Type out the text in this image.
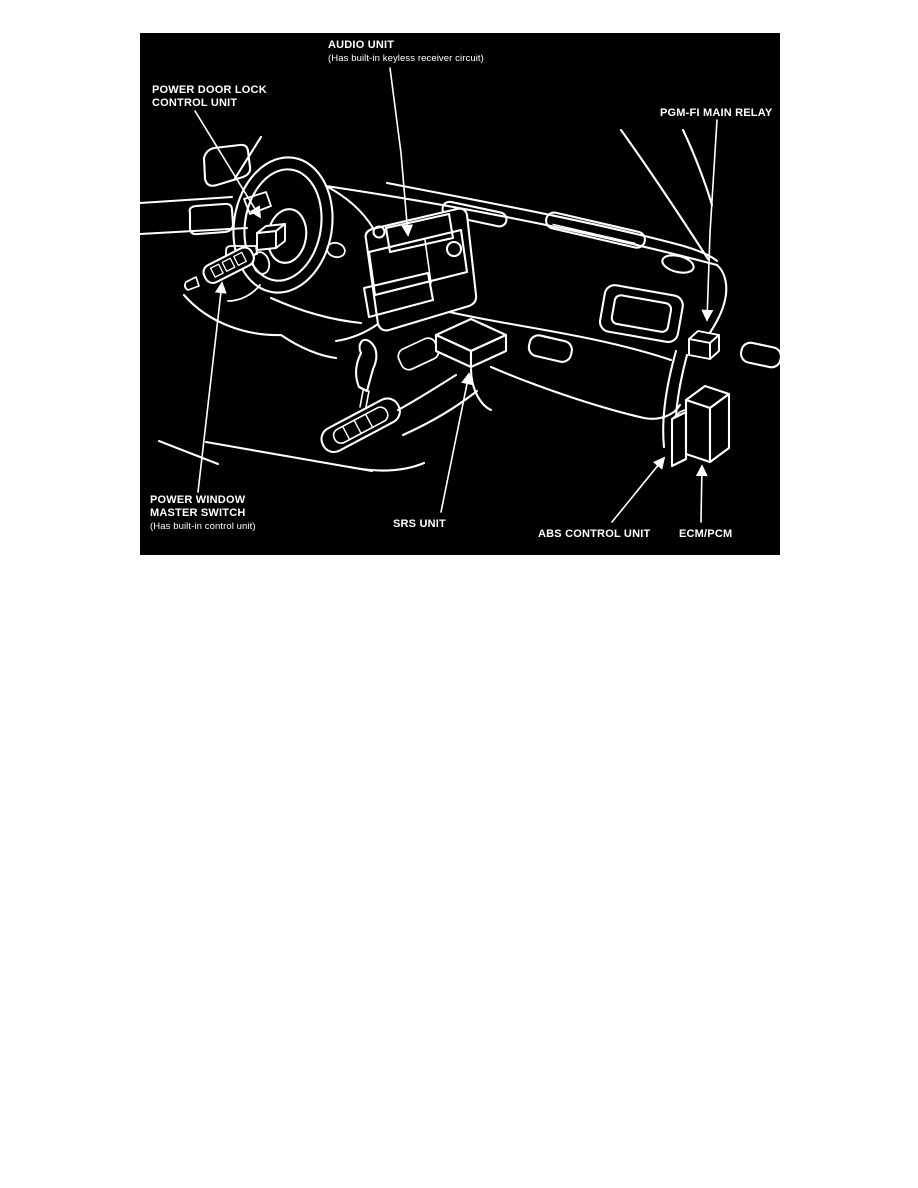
AUDIO UNIT
(Has built-in keyless receiver circuit)
POWER DOOR LOCK
CONTROL UNIT
PGM-FI MAIN RELAY
POWER WINDOW
MASTER SWITCH
(Has built-in control unit)	SRS UNIT
ABS CONTROL UNIT	ECM/PCM
